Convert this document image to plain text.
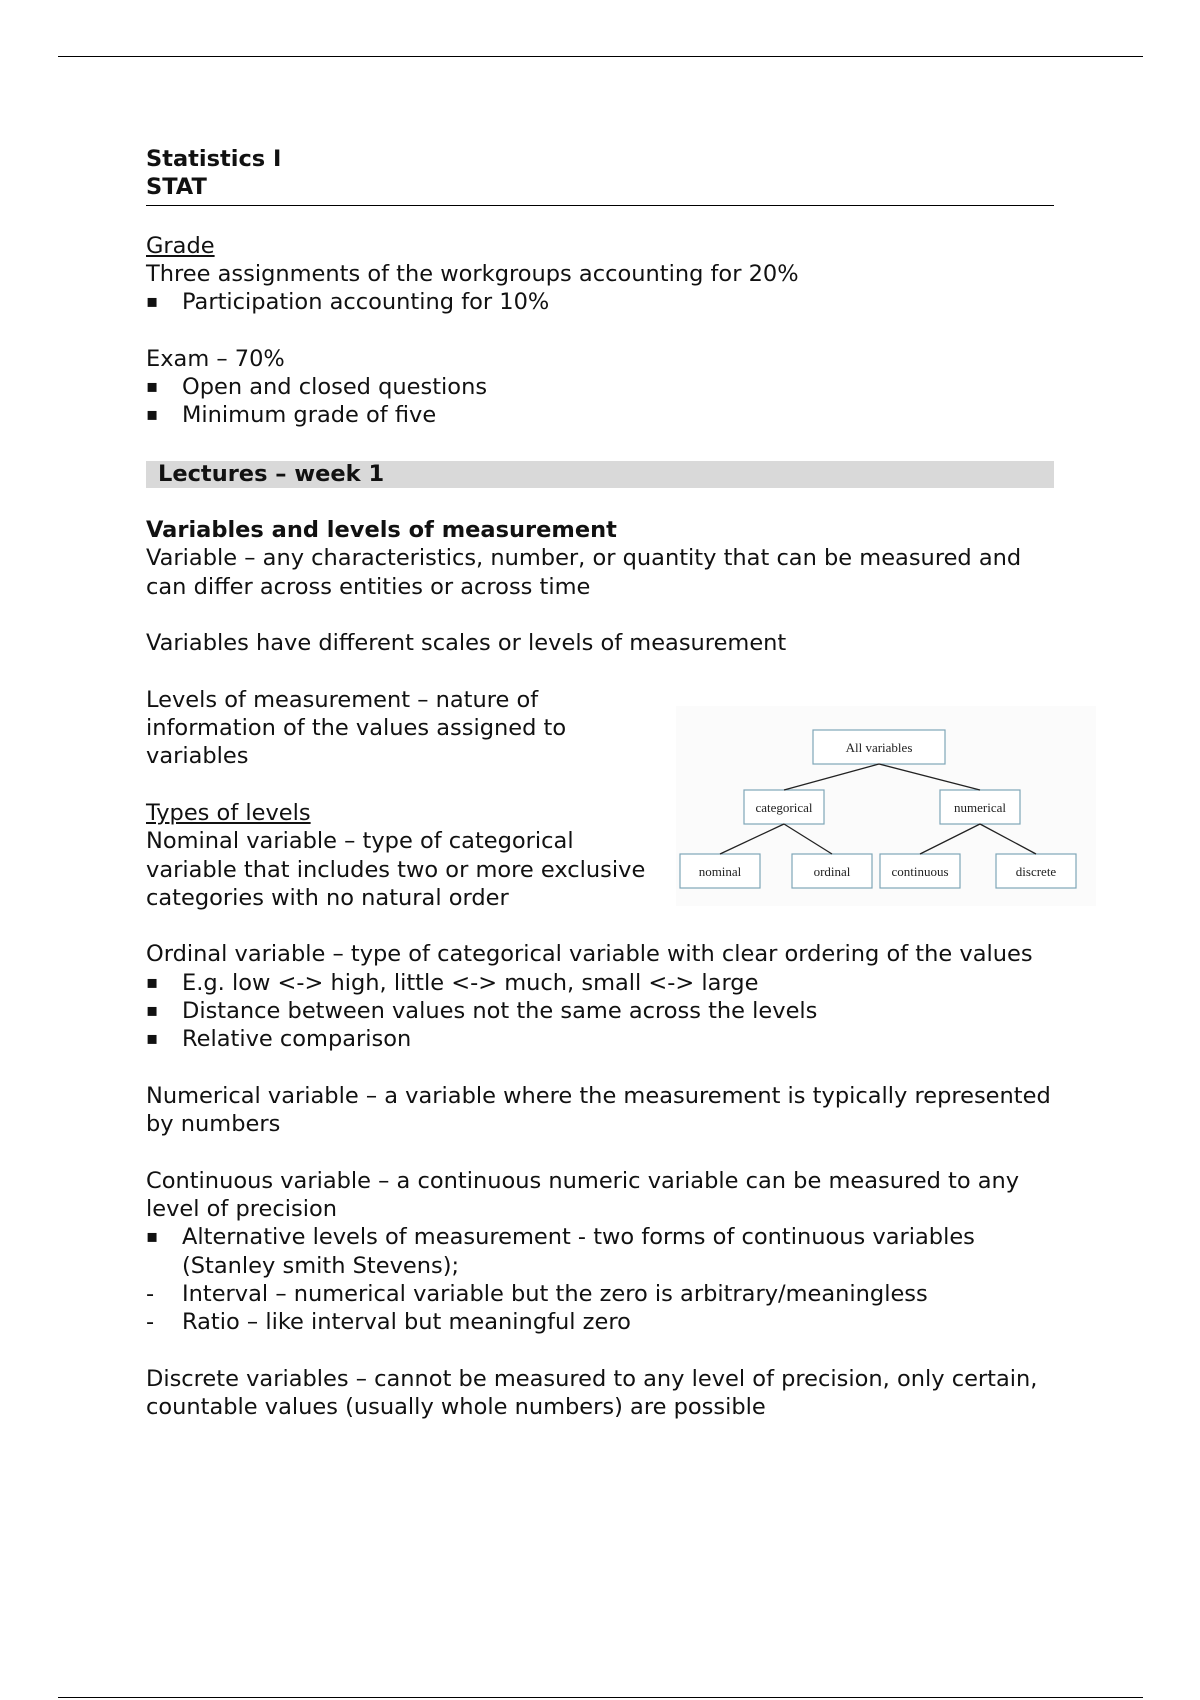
Statistics I
STAT
Grade
Three assignments of the workgroups accounting for 20%
▪ Participation accounting for 10%
Exam – 70%
▪ Open and closed questions
▪ Minimum grade of five
Lectures – week 1
Variables and levels of measurement
Variable – any characteristics, number, or quantity that can be measured and can differ across entities or across time
Variables have different scales or levels of measurement
Levels of measurement – nature of information of the values assigned to variables
Types of levels
Nominal variable – type of categorical variable that includes two or more exclusive categories with no natural order
All variables
categorical	numerical
nominal	ordinal	continuous	discrete
Ordinal variable – type of categorical variable with clear ordering of the values
▪ E.g. low <-> high, little <-> much, small <-> large
▪ Distance between values not the same across the levels
▪ Relative comparison
Numerical variable – a variable where the measurement is typically represented by numbers
Continuous variable – a continuous numeric variable can be measured to any level of precision
▪ Alternative levels of measurement - two forms of continuous variables (Stanley smith Stevens);
- Interval – numerical variable but the zero is arbitrary/meaningless
- Ratio – like interval but meaningful zero
Discrete variables – cannot be measured to any level of precision, only certain, countable values (usually whole numbers) are possible
